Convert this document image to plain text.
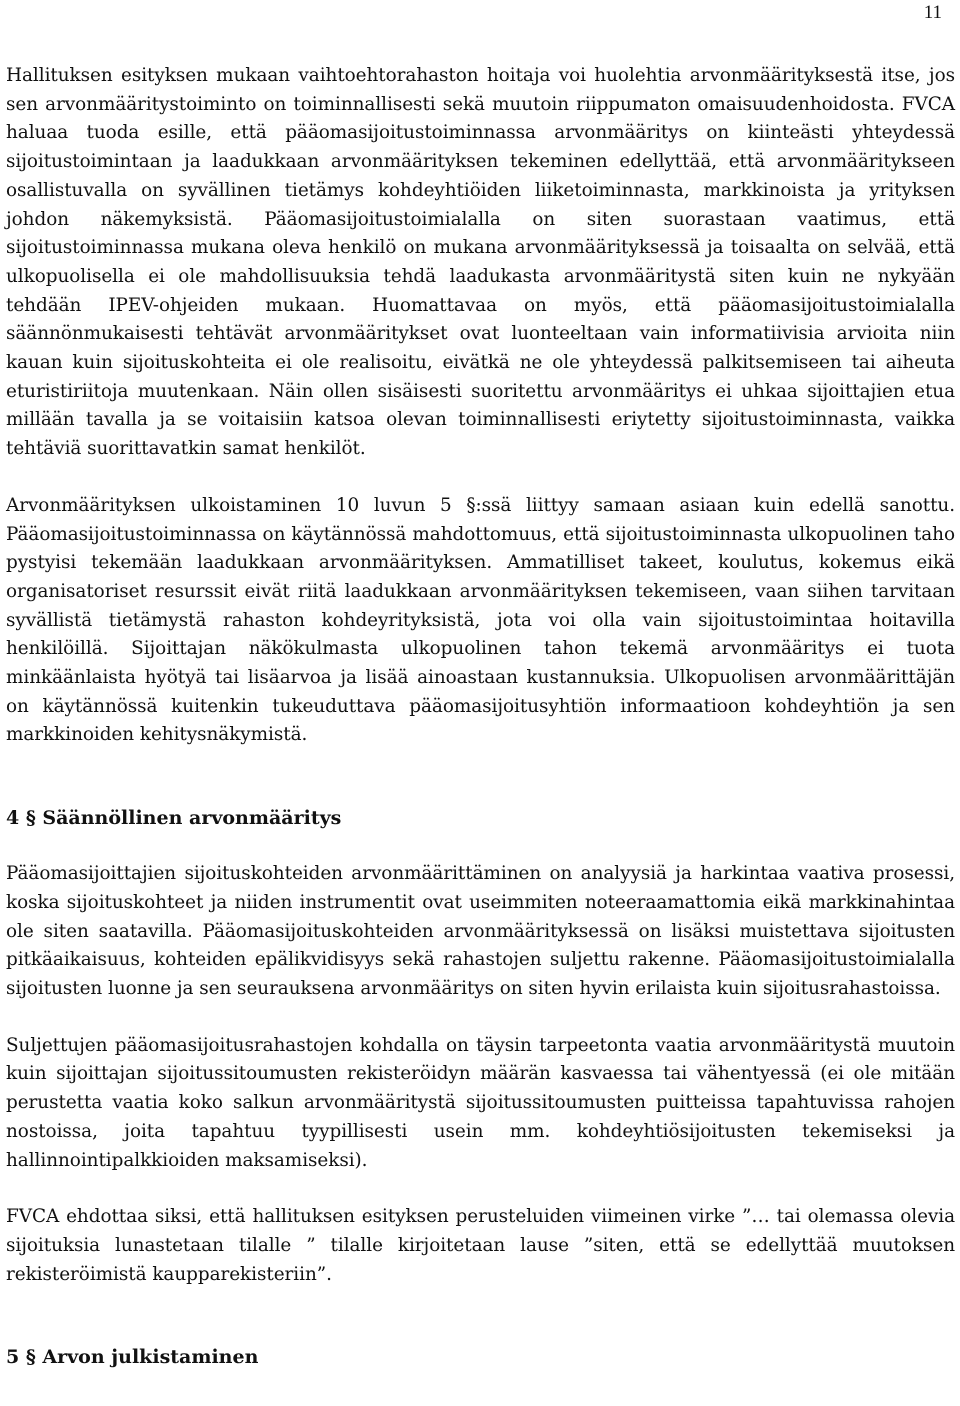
11

Hallituksen esityksen mukaan vaihtoehtorahaston hoitaja voi huolehtia arvonmäärityksestä itse, jos sen arvonmääritystoiminto on toiminnallisesti sekä muutoin riippumaton omaisuudenhoidosta. FVCA haluaa tuoda esille, että pääomasijoitustoiminnassa arvonmääritys on kiinteästi yhteydessä sijoitustoimintaan ja laadukkaan arvonmäärityksen tekeminen edellyttää, että arvonmääritykseen osallistuvalla on syvällinen tietämys kohdeyhtiöiden liiketoiminnasta, markkinoista ja yrityksen johdon näkemyksistä. Pääomasijoitustoimialalla on siten suorastaan vaatimus, että sijoitustoiminnassa mukana oleva henkilö on mukana arvonmäärityksessä ja toisaalta on selvää, että ulkopuolisella ei ole mahdollisuuksia tehdä laadukasta arvonmääritystä siten kuin ne nykyään tehdään IPEV-ohjeiden mukaan. Huomattavaa on myös, että pääomasijoitustoimialalla säännönmukaisesti tehtävät arvonmääritykset ovat luonteeltaan vain informatiivisia arvioita niin kauan kuin sijoituskohteita ei ole realisoitu, eivätkä ne ole yhteydessä palkitsemiseen tai aiheuta eturistiriitoja muutenkaan. Näin ollen sisäisesti suoritettu arvonmääritys ei uhkaa sijoittajien etua millään tavalla ja se voitaisiin katsoa olevan toiminnallisesti eriytetty sijoitustoiminnasta, vaikka tehtäviä suorittavatkin samat henkilöt.

Arvonmäärityksen ulkoistaminen 10 luvun 5 §:ssä liittyy samaan asiaan kuin edellä sanottu. Pääomasijoitustoiminnassa on käytännössä mahdottomuus, että sijoitustoiminnasta ulkopuolinen taho pystyisi tekemään laadukkaan arvonmäärityksen. Ammatilliset takeet, koulutus, kokemus eikä organisatoriset resurssit eivät riitä laadukkaan arvonmäärityksen tekemiseen, vaan siihen tarvitaan syvällistä tietämystä rahaston kohdeyrityksistä, jota voi olla vain sijoitustoimintaa hoitavilla henkilöillä. Sijoittajan näkökulmasta ulkopuolinen tahon tekemä arvonmääritys ei tuota minkäänlaista hyötyä tai lisäarvoa ja lisää ainoastaan kustannuksia. Ulkopuolisen arvonmäärittäjän on käytännössä kuitenkin tukeuduttava pääomasijoitusyhtiön informaatioon kohdeyhtiön ja sen markkinoiden kehitysnäkymistä.

4 § Säännöllinen arvonmääritys

Pääomasijoittajien sijoituskohteiden arvonmäärittäminen on analyysiä ja harkintaa vaativa prosessi, koska sijoituskohteet ja niiden instrumentit ovat useimmiten noteeraamattomia eikä markkinahintaa ole siten saatavilla. Pääomasijoituskohteiden arvonmäärityksessä on lisäksi muistettava sijoitusten pitkäaikaisuus, kohteiden epälikvidisyys sekä rahastojen suljettu rakenne. Pääomasijoitustoimialalla sijoitusten luonne ja sen seurauksena arvonmääritys on siten hyvin erilaista kuin sijoitusrahastoissa.

Suljettujen pääomasijoitusrahastojen kohdalla on täysin tarpeetonta vaatia arvonmääritystä muutoin kuin sijoittajan sijoitussitoumusten rekisteröidyn määrän kasvaessa tai vähentyessä (ei ole mitään perustetta vaatia koko salkun arvonmääritystä sijoitussitoumusten puitteissa tapahtuvissa rahojen nostoissa, joita tapahtuu tyypillisesti usein mm. kohdeyhtiösijoitusten tekemiseksi ja hallinnointipalkkioiden maksamiseksi).

FVCA ehdottaa siksi, että hallituksen esityksen perusteluiden viimeinen virke ”… tai olemassa olevia sijoituksia lunastetaan tilalle ” tilalle kirjoitetaan lause ”siten, että se edellyttää muutoksen rekisteröimistä kaupparekisteriin”.

5 § Arvon julkistaminen
